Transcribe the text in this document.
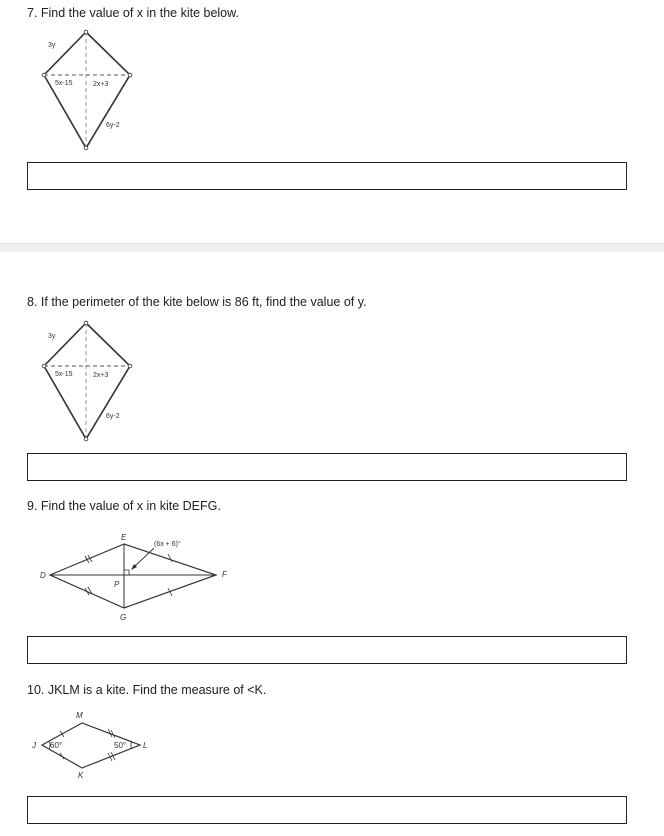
7. Find the value of x in the kite below.
3y
5x-15	2x+3
6y-2
8. If the perimeter of the kite below is 86 ft, find the value of y.
3y
5x-15	2x+3
6y-2
9. Find the value of x in kite DEFG.
D
E
F
G
P
(6x + 6)°
10. JKLM is a kite. Find the measure of <K.
J
M
L
K
60°	50°
